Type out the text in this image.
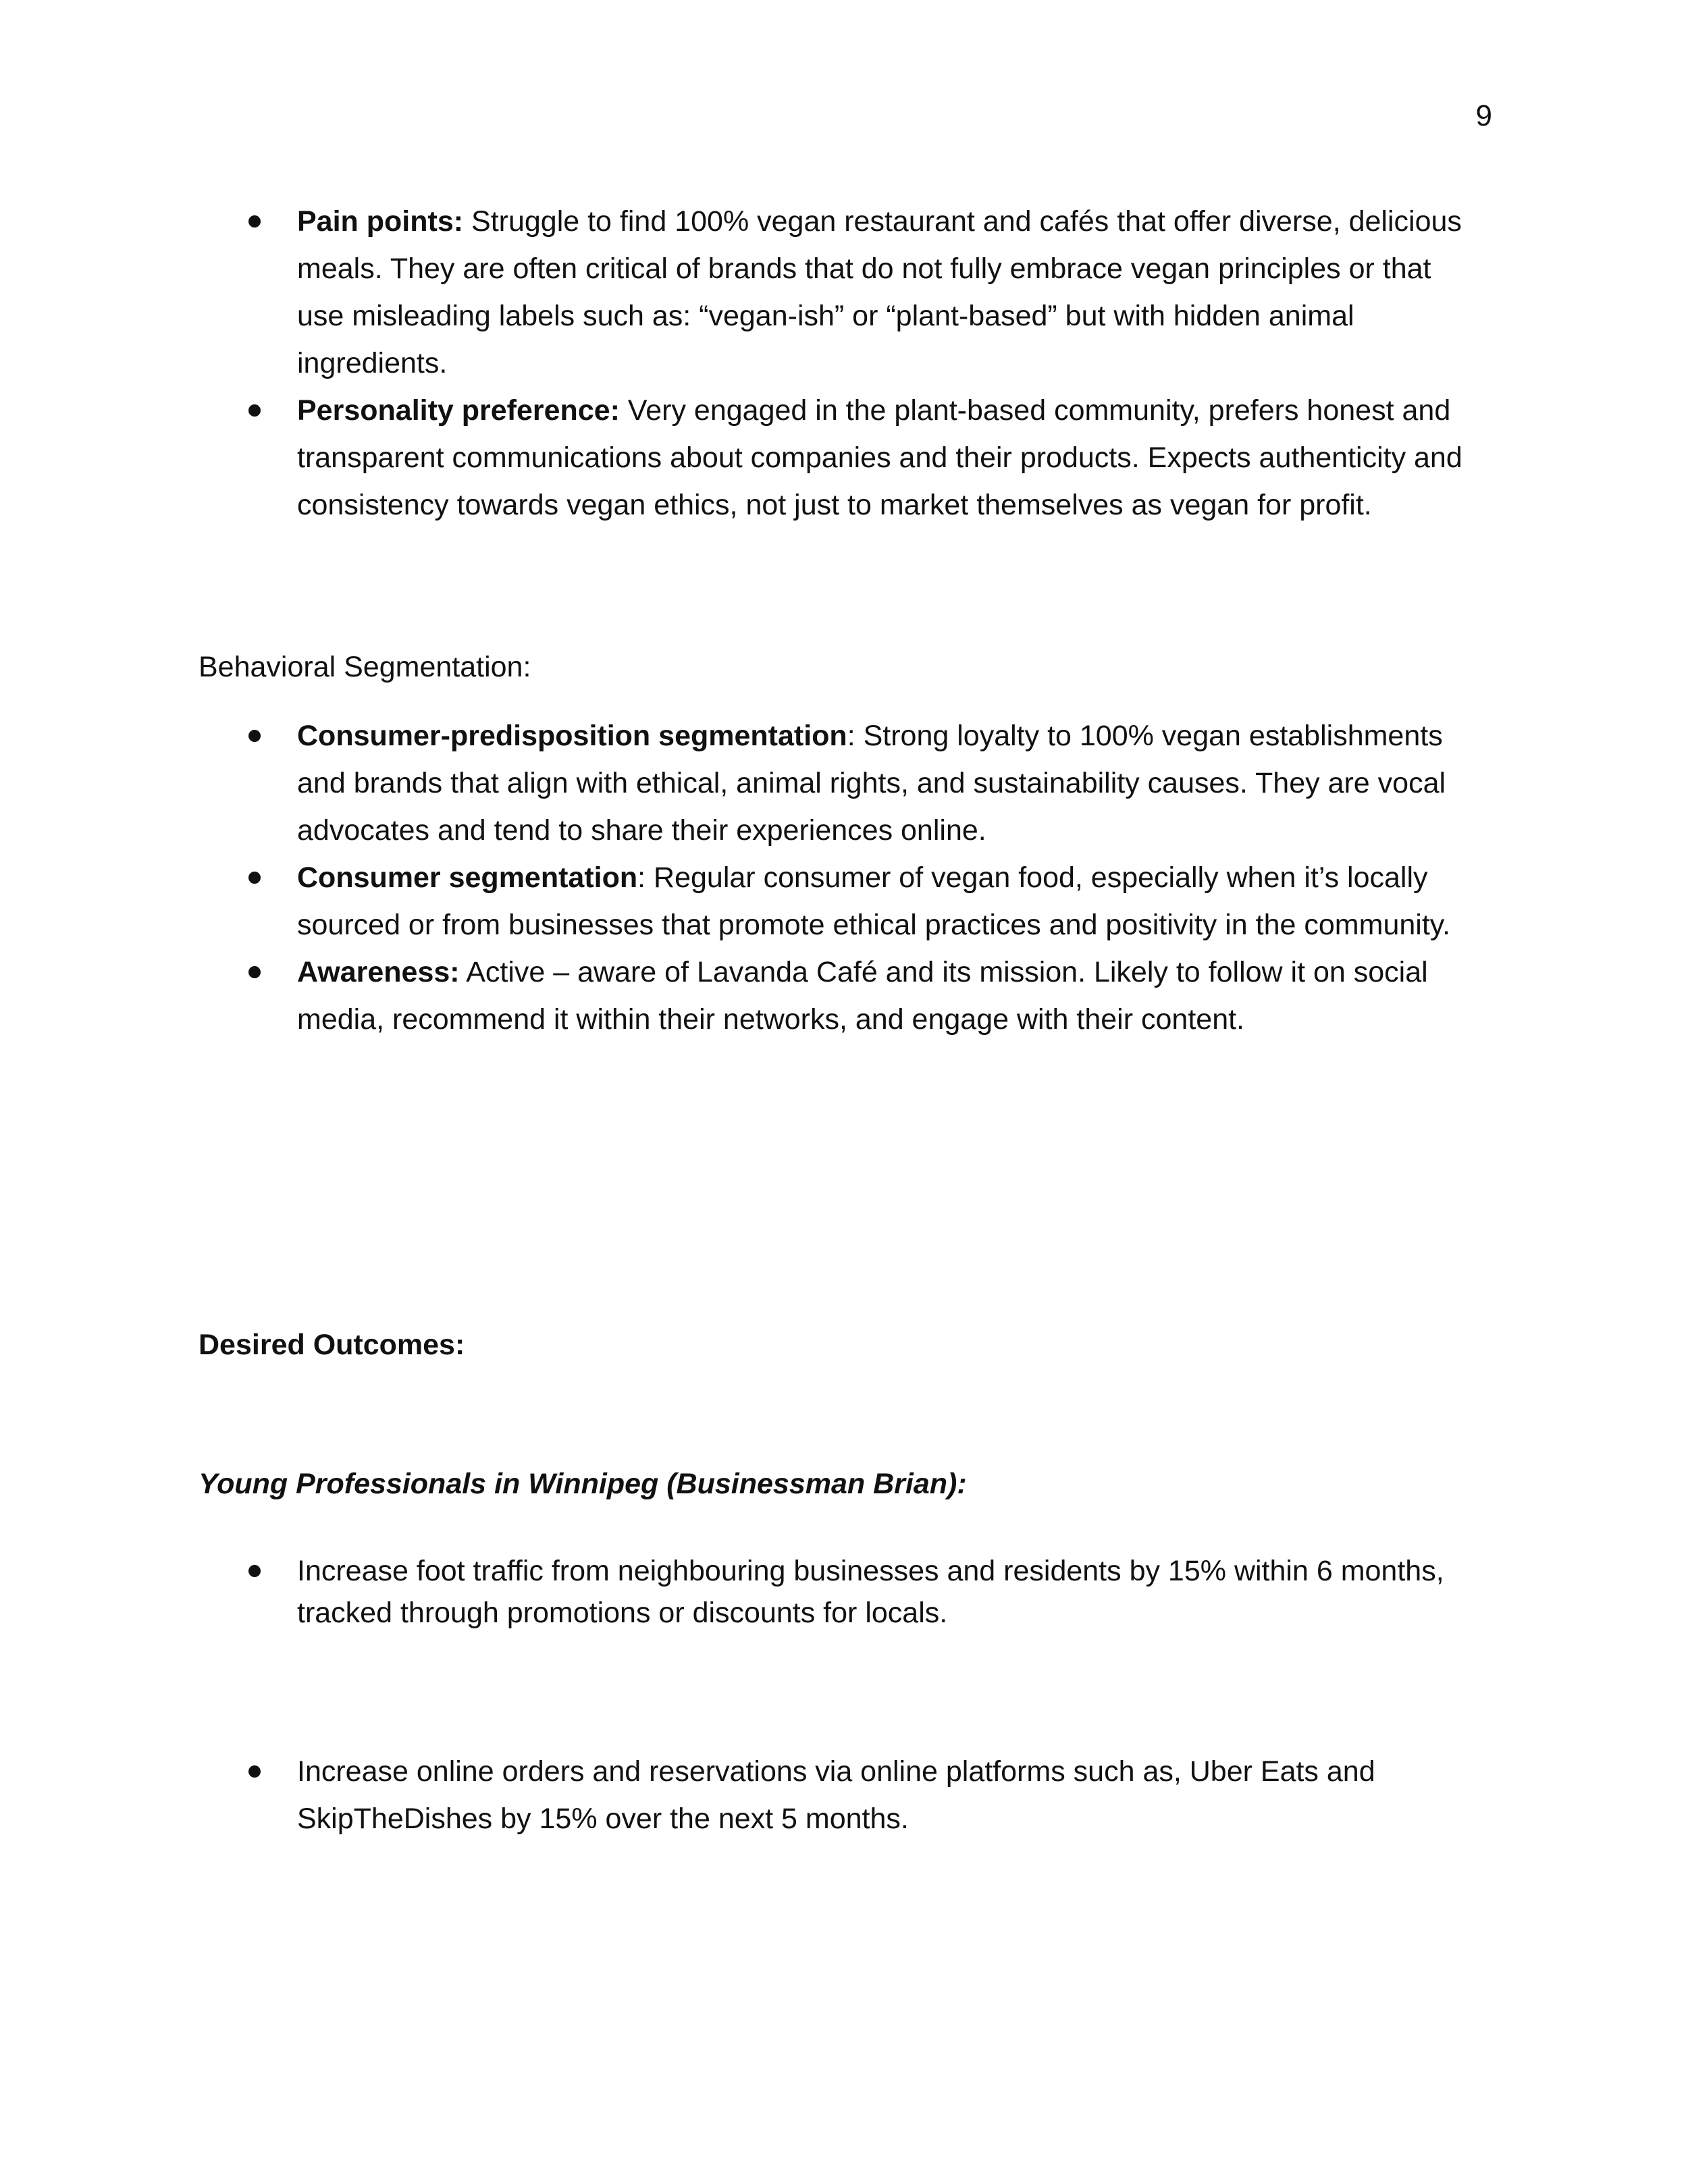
9
Pain points: Struggle to find 100% vegan restaurant and cafés that offer diverse, delicious meals. They are often critical of brands that do not fully embrace vegan principles or that use misleading labels such as: “vegan-ish” or “plant-based” but with hidden animal ingredients.
Personality preference: Very engaged in the plant-based community, prefers honest and transparent communications about companies and their products. Expects authenticity and consistency towards vegan ethics, not just to market themselves as vegan for profit.
Behavioral Segmentation:
Consumer-predisposition segmentation: Strong loyalty to 100% vegan establishments and brands that align with ethical, animal rights, and sustainability causes. They are vocal advocates and tend to share their experiences online.
Consumer segmentation: Regular consumer of vegan food, especially when it’s locally sourced or from businesses that promote ethical practices and positivity in the community.
Awareness: Active – aware of Lavanda Café and its mission. Likely to follow it on social media, recommend it within their networks, and engage with their content.
Desired Outcomes:
Young Professionals in Winnipeg (Businessman Brian):
Increase foot traffic from neighbouring businesses and residents by 15% within 6 months, tracked through promotions or discounts for locals.
Increase online orders and reservations via online platforms such as, Uber Eats and SkipTheDishes by 15% over the next 5 months.
